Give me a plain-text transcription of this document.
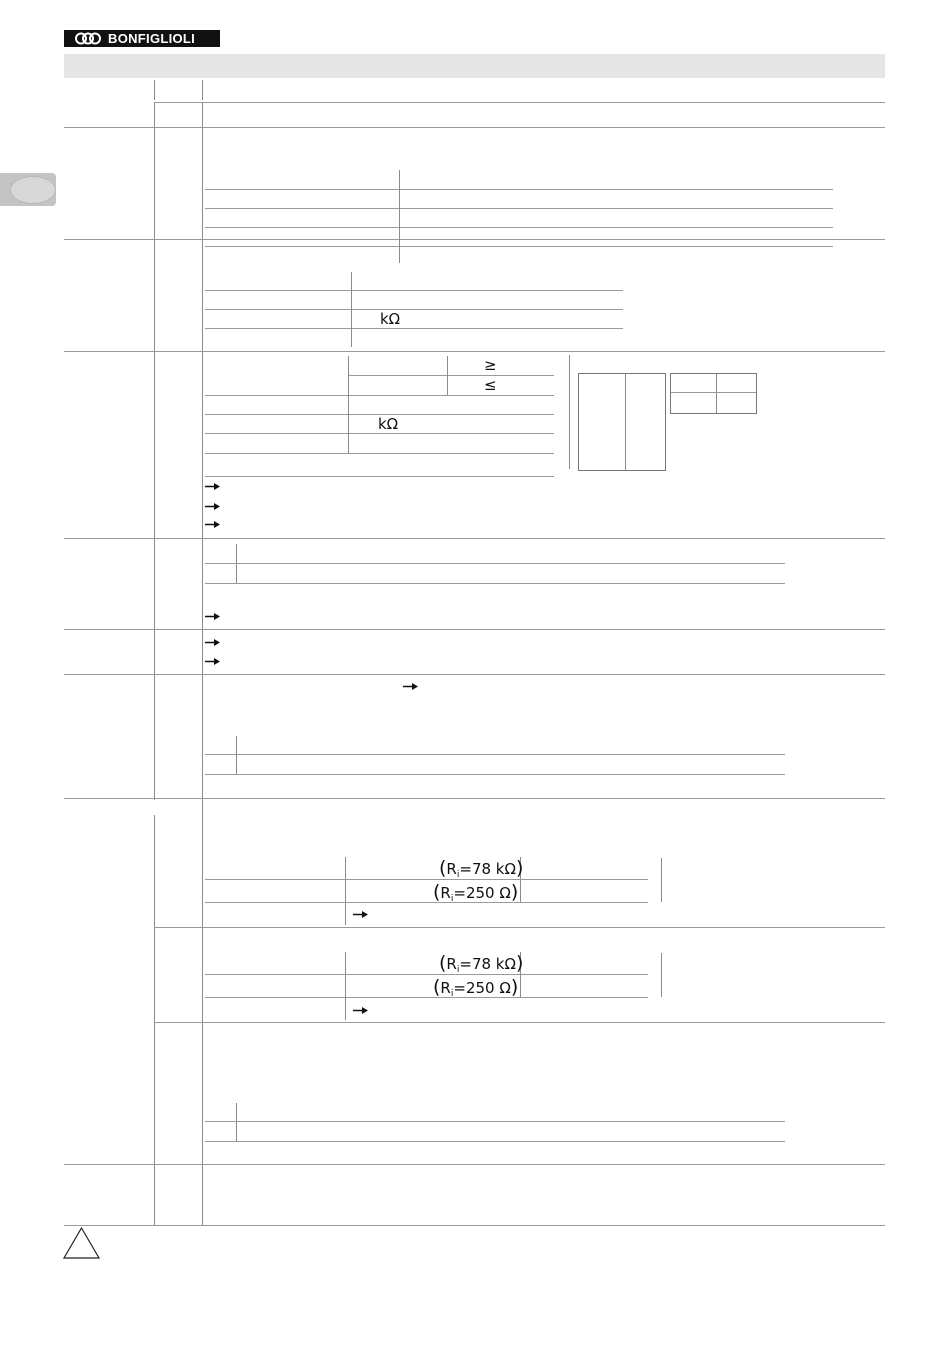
BONFIGLIOLI
kΩ
≥
≤
kΩ
($R_i=78$ kΩ)
($R_i=250$ Ω)
($R_i=78$ kΩ)
($R_i=250$ Ω)
